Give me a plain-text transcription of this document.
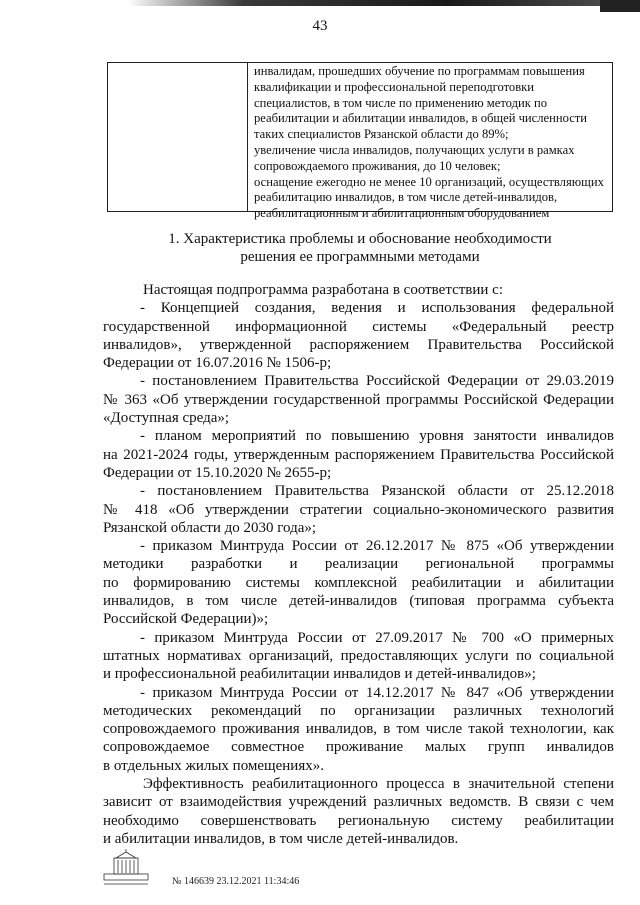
43
инвалидам, прошедших обучение по программам повышения
квалификации и профессиональной переподготовки
специалистов, в том числе по применению методик по
реабилитации и абилитации инвалидов, в общей численности
таких специалистов Рязанской области до 89%;
увеличение числа инвалидов, получающих услуги в рамках
сопровождаемого проживания, до 10 человек;
оснащение ежегодно не менее 10 организаций, осуществляющих
реабилитацию инвалидов, в том числе детей-инвалидов,
реабилитационным и абилитационным оборудованием
1. Характеристика проблемы и обоснование необходимости
решения ее программными методами
Настоящая подпрограмма разработана в соответствии с:
- Концепцией создания, ведения и использования федеральной
государственной информационной системы «Федеральный реестр
инвалидов», утвержденной распоряжением Правительства Российской
Федерации от 16.07.2016 № 1506-р;
- постановлением Правительства Российской Федерации от 29.03.2019
№ 363 «Об утверждении государственной программы Российской Федерации
«Доступная среда»;
- планом мероприятий по повышению уровня занятости инвалидов
на 2021-2024 годы, утвержденным распоряжением Правительства Российской
Федерации от 15.10.2020 № 2655-р;
- постановлением Правительства Рязанской области от 25.12.2018
№ 418 «Об утверждении стратегии социально-экономического развития
Рязанской области до 2030 года»;
- приказом Минтруда России от 26.12.2017 № 875 «Об утверждении
методики разработки и реализации региональной программы
по формированию системы комплексной реабилитации и абилитации
инвалидов, в том числе детей-инвалидов (типовая программа субъекта
Российской Федерации)»;
- приказом Минтруда России от 27.09.2017 № 700 «О примерных
штатных нормативах организаций, предоставляющих услуги по социальной
и профессиональной реабилитации инвалидов и детей-инвалидов»;
- приказом Минтруда России от 14.12.2017 № 847 «Об утверждении
методических рекомендаций по организации различных технологий
сопровождаемого проживания инвалидов, в том числе такой технологии, как
сопровождаемое совместное проживание малых групп инвалидов
в отдельных жилых помещениях».
Эффективность реабилитационного процесса в значительной степени
зависит от взаимодействия учреждений различных ведомств. В связи с чем
необходимо совершенствовать региональную систему реабилитации
и абилитации инвалидов, в том числе детей-инвалидов.
№ 146639 23.12.2021 11:34:46
